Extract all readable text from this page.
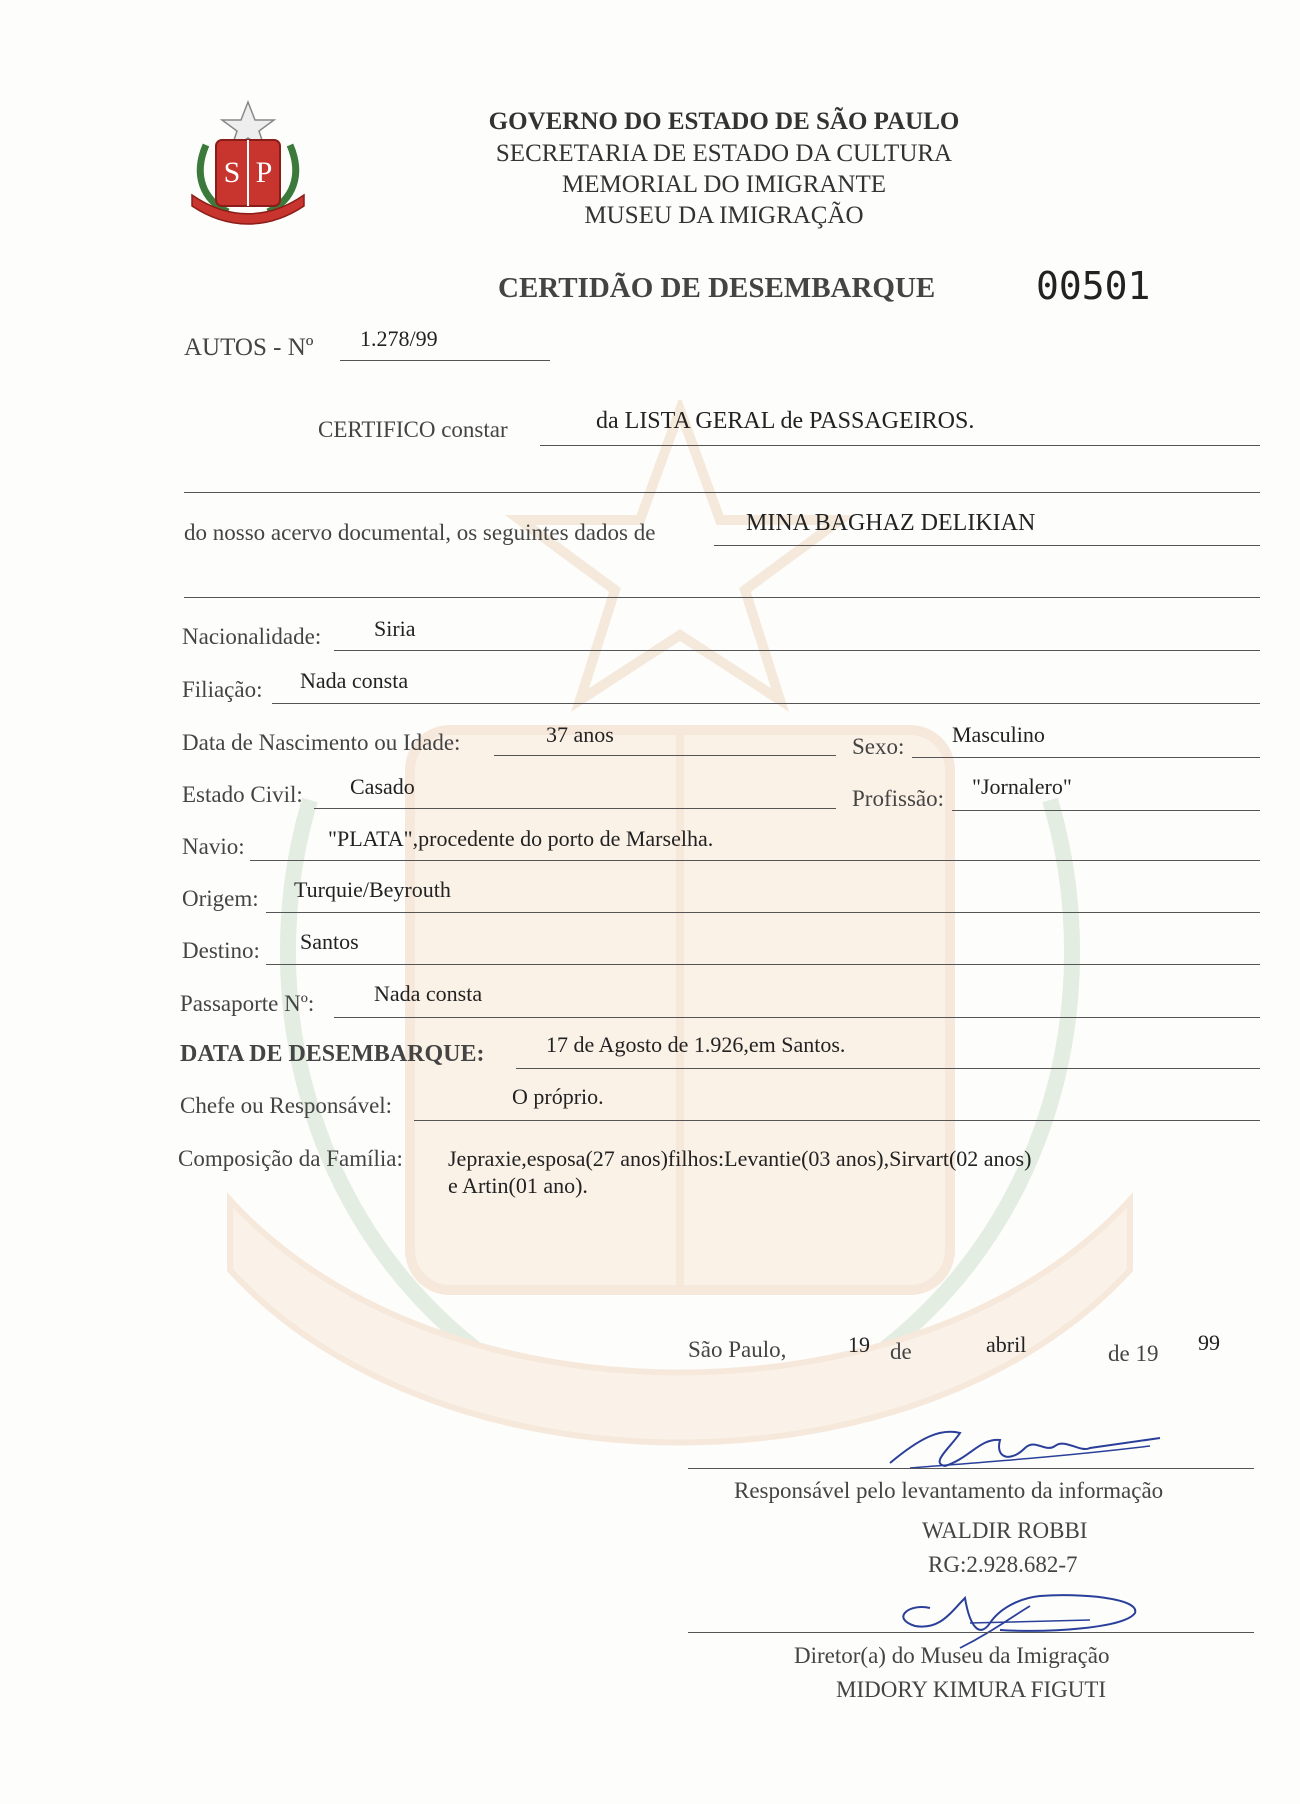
S P
GOVERNO DO ESTADO DE SÃO PAULO
SECRETARIA DE ESTADO DA CULTURA
MEMORIAL DO IMIGRANTE
MUSEU DA IMIGRAÇÃO
CERTIDÃO DE DESEMBARQUE	00501
AUTOS - Nº 1.278/99
CERTIFICO constar	da LISTA GERAL de PASSAGEIROS.
do nosso acervo documental, os seguintes dados de	MINA BAGHAZ DELIKIAN
Nacionalidade: Siria
Filiação: Nada consta
Data de Nascimento ou Idade:	37 anos	Sexo: Masculino
Estado Civil: Casado	Profissão: "Jornalero"
Navio:	"PLATA",procedente do porto de Marselha.
Origem: Turquie/Beyrouth
Destino: Santos
Passaporte Nº:	Nada consta
DATA DE DESEMBARQUE:	17 de Agosto de 1.926,em Santos.
Chefe ou Responsável:	O próprio.
Composição da Família: Jepraxie,esposa(27 anos)filhos:Levantie(03 anos),Sirvart(02 anos)
e Artin(01 ano).
São Paulo,	19 de	abril	de 19 99
Responsável pelo levantamento da informação
WALDIR ROBBI
RG:2.928.682-7
Diretor(a) do Museu da Imigração
MIDORY KIMURA FIGUTI
